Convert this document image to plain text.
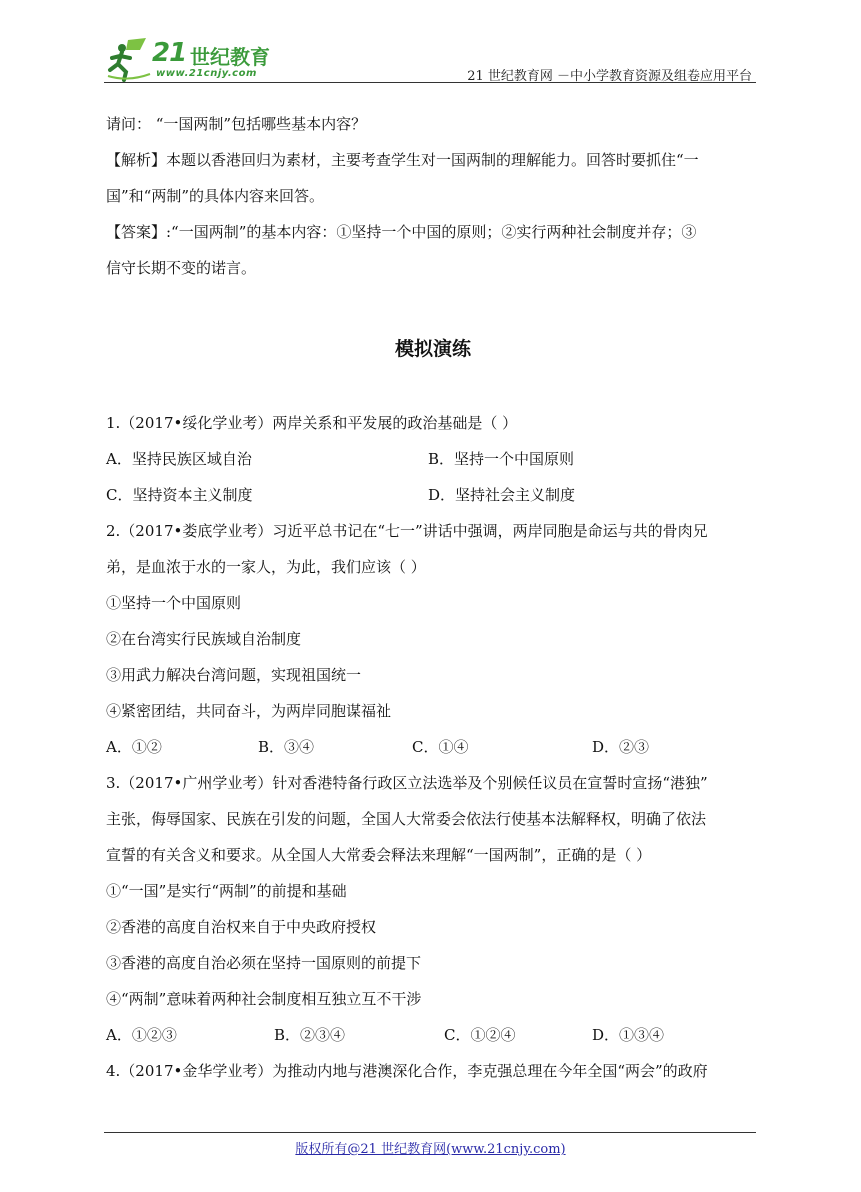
21 世纪教育
www.21cnjy.com	21 世纪教育网 －中小学教育资源及组卷应用平台
请问： “一国两制”包括哪些基本内容？
【解析】本题以香港回归为素材，主要考查学生对一国两制的理解能力。回答时要抓住“一
国”和“两制”的具体内容来回答。
【答案】:“一国两制”的基本内容：①坚持一个中国的原则；②实行两种社会制度并存；③
信守长期不变的诺言。
模拟演练
1.（2017•绥化学业考）两岸关系和平发展的政治基础是（ ）
A．坚持民族区域自治	B．坚持一个中国原则
C．坚持资本主义制度	D．坚持社会主义制度
2.（2017•娄底学业考）习近平总书记在“七一”讲话中强调，两岸同胞是命运与共的骨肉兄
弟，是血浓于水的一家人，为此，我们应该（ ）
①坚持一个中国原则
②在台湾实行民族域自治制度
③用武力解决台湾问题，实现祖国统一
④紧密团结，共同奋斗，为两岸同胞谋福祉
A．①②	B．③④	C．①④	D．②③
3.（2017•广州学业考）针对香港特备行政区立法选举及个别候任议员在宣誓时宣扬“港独”
主张，侮辱国家、民族在引发的问题，全国人大常委会依法行使基本法解释权，明确了依法
宣誓的有关含义和要求。从全国人大常委会释法来理解“一国两制”，正确的是（ ）
①“一国”是实行“两制”的前提和基础
②香港的高度自治权来自于中央政府授权
③香港的高度自治必须在坚持一国原则的前提下
④“两制”意味着两种社会制度相互独立互不干涉
A．①②③	B．②③④	C．①②④	D．①③④
4.（2017•金华学业考）为推动内地与港澳深化合作，李克强总理在今年全国“两会”的政府
版权所有@21 世纪教育网(www.21cnjy.com)
